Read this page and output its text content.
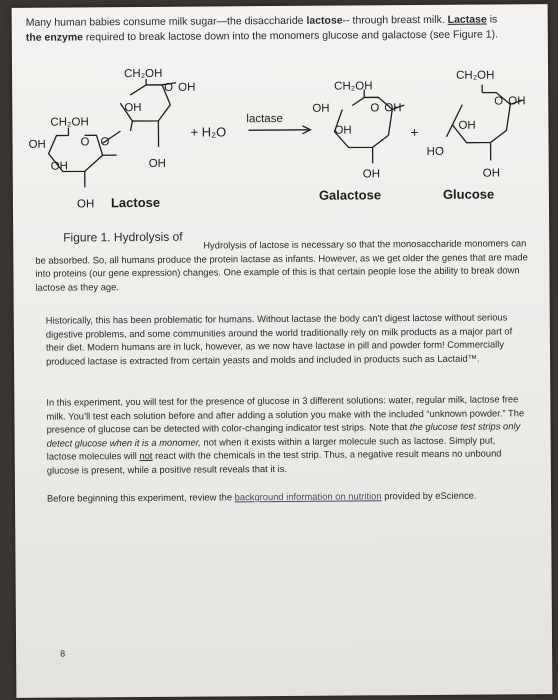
Many human babies consume milk sugar—the disaccharide lactose-- through breast milk. Lactase is
the enzyme required to break lactose down into the monomers glucose and galactose (see Figure 1).
CH₂OH
O OH
OH
CH₂OH
OH	O O
OH	OH
OH
+ H₂O
lactase
CH₂OH
OH	O OH
OH
OH
+
CH₂OH
O OH
OH
HO
OH
Lactose	Galactose	Glucose
Figure 1. Hydrolysis of	Hydrolysis of lactose is necessary so that the monosaccharide monomers can be absorbed. So, all humans produce the protein lactase as infants. However, as we get older the genes that are made into proteins (our gene expression) changes. One example of this is that certain people lose the ability to break down lactose as they age.
Historically, this has been problematic for humans. Without lactase the body can’t digest lactose without serious digestive problems, and some communities around the world traditionally rely on milk products as a major part of their diet. Modern humans are in luck, however, as we now have lactase in pill and powder form! Commercially produced lactase is extracted from certain yeasts and molds and included in products such as Lactaid™.
In this experiment, you will test for the presence of glucose in 3 different solutions: water, regular milk, lactose free milk. You’ll test each solution before and after adding a solution you make with the included “unknown powder.” The presence of glucose can be detected with color-changing indicator test strips. Note that the glucose test strips only detect glucose when it is a monomer, not when it exists within a larger molecule such as lactose. Simply put, lactose molecules will not react with the chemicals in the test strip. Thus, a negative result means no unbound glucose is present, while a positive result reveals that it is.
Before beginning this experiment, review the background information on nutrition provided by eScience.
8
